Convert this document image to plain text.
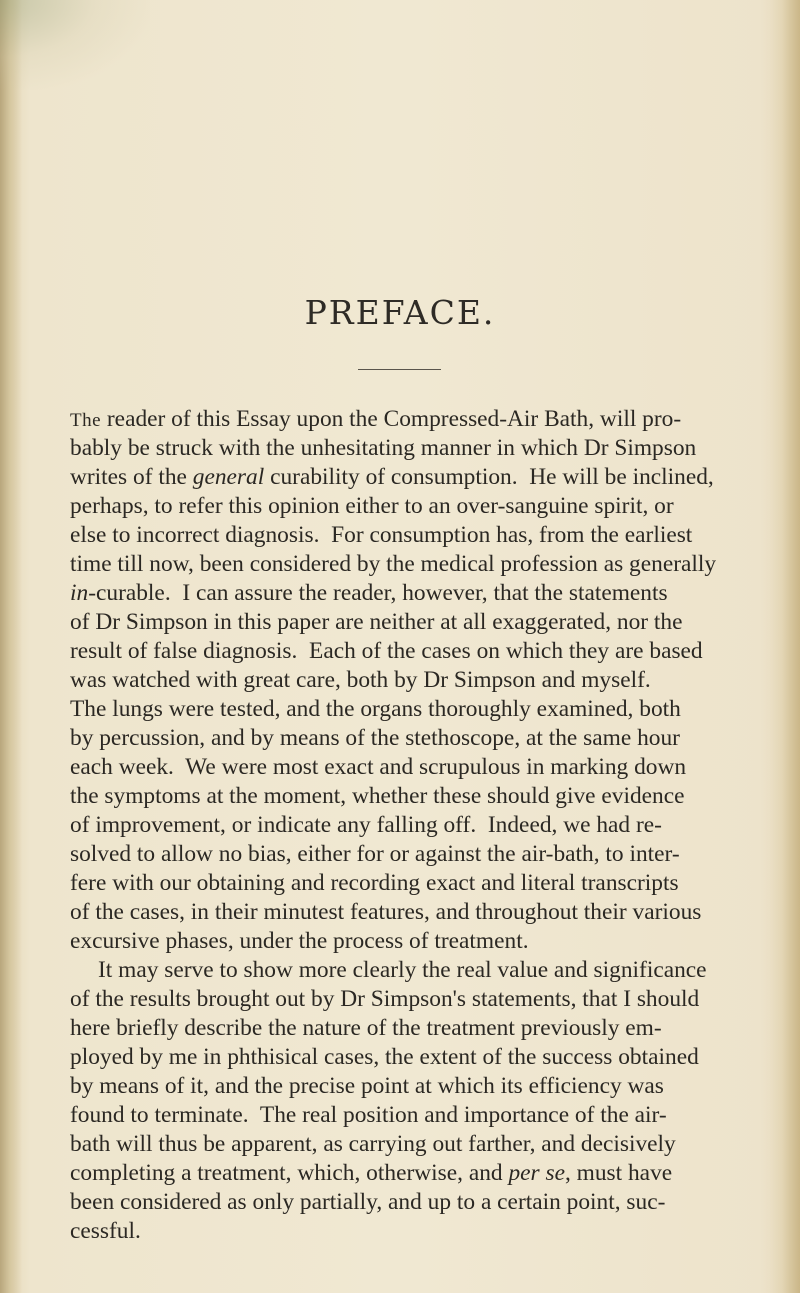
PREFACE.
The reader of this Essay upon the Compressed-Air Bath, will pro-
bably be struck with the unhesitating manner in which Dr Simpson
writes of the general curability of consumption.  He will be inclined,
perhaps, to refer this opinion either to an over-sanguine spirit, or
else to incorrect diagnosis.  For consumption has, from the earliest
time till now, been considered by the medical profession as generally
in-curable.  I can assure the reader, however, that the statements
of Dr Simpson in this paper are neither at all exaggerated, nor the
result of false diagnosis.  Each of the cases on which they are based
was watched with great care, both by Dr Simpson and myself.
The lungs were tested, and the organs thoroughly examined, both
by percussion, and by means of the stethoscope, at the same hour
each week.  We were most exact and scrupulous in marking down
the symptoms at the moment, whether these should give evidence
of improvement, or indicate any falling off.  Indeed, we had re-
solved to allow no bias, either for or against the air-bath, to inter-
fere with our obtaining and recording exact and literal transcripts
of the cases, in their minutest features, and throughout their various
excursive phases, under the process of treatment.
It may serve to show more clearly the real value and significance
of the results brought out by Dr Simpson's statements, that I should
here briefly describe the nature of the treatment previously em-
ployed by me in phthisical cases, the extent of the success obtained
by means of it, and the precise point at which its efficiency was
found to terminate.  The real position and importance of the air-
bath will thus be apparent, as carrying out farther, and decisively
completing a treatment, which, otherwise, and per se, must have
been considered as only partially, and up to a certain point, suc-
cessful.
